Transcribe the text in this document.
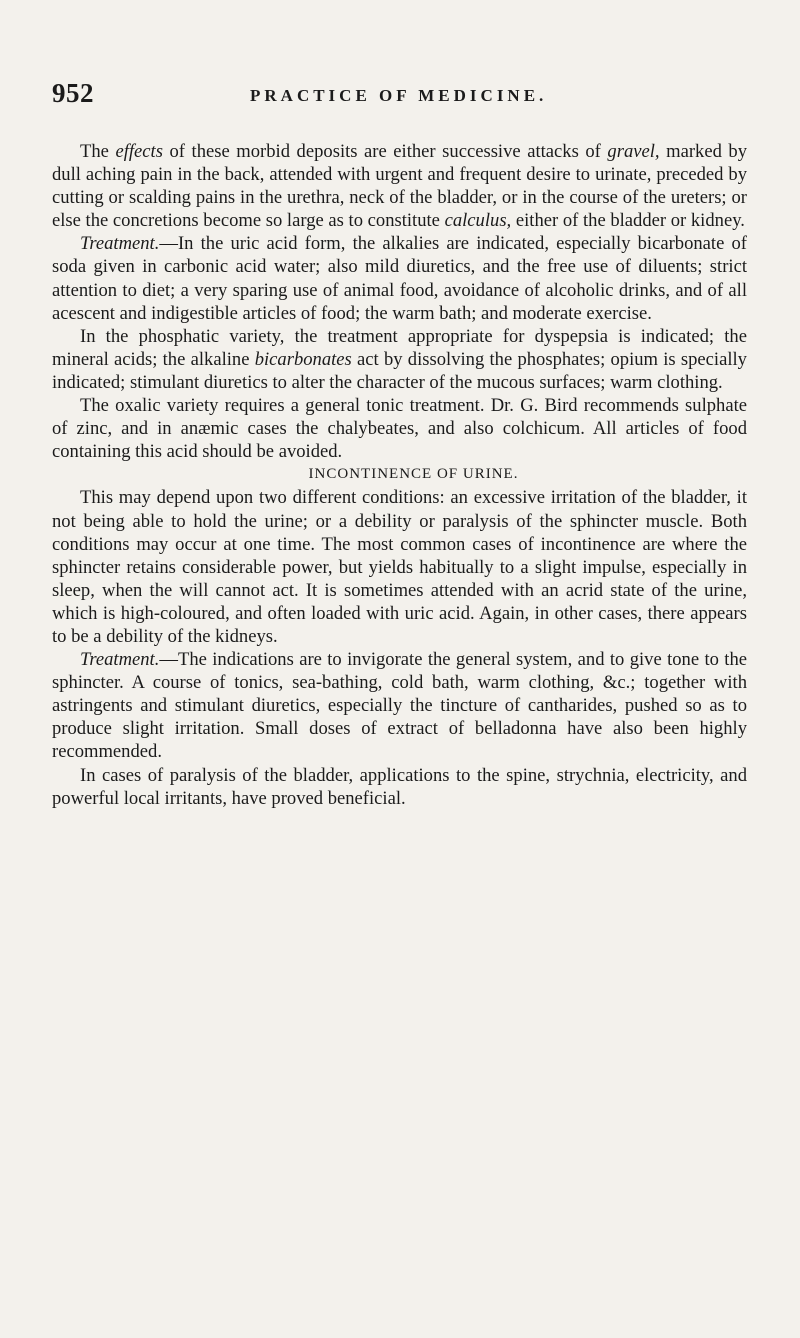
952	PRACTICE OF MEDICINE.

The effects of these morbid deposits are either successive attacks of gravel, marked by dull aching pain in the back, attended with urgent and frequent desire to urinate, preceded by cutting or scalding pains in the urethra, neck of the bladder, or in the course of the ureters; or else the concretions become so large as to constitute calculus, either of the bladder or kidney.

Treatment.—In the uric acid form, the alkalies are indicated, especially bicarbonate of soda given in carbonic acid water; also mild diuretics, and the free use of diluents; strict attention to diet; a very sparing use of animal food, avoidance of alcoholic drinks, and of all acescent and indigestible articles of food; the warm bath; and moderate exercise.

In the phosphatic variety, the treatment appropriate for dyspepsia is indicated; the mineral acids; the alkaline bicarbonates act by dissolving the phosphates; opium is specially indicated; stimulant diuretics to alter the character of the mucous surfaces; warm clothing.

The oxalic variety requires a general tonic treatment. Dr. G. Bird recommends sulphate of zinc, and in anæmic cases the chalybeates, and also colchicum. All articles of food containing this acid should be avoided.

INCONTINENCE OF URINE.

This may depend upon two different conditions: an excessive irritation of the bladder, it not being able to hold the urine; or a debility or paralysis of the sphincter muscle. Both conditions may occur at one time. The most common cases of incontinence are where the sphincter retains considerable power, but yields habitually to a slight impulse, especially in sleep, when the will cannot act. It is sometimes attended with an acrid state of the urine, which is high-coloured, and often loaded with uric acid. Again, in other cases, there appears to be a debility of the kidneys.

Treatment.—The indications are to invigorate the general system, and to give tone to the sphincter. A course of tonics, sea-bathing, cold bath, warm clothing, &c.; together with astringents and stimulant diuretics, especially the tincture of cantharides, pushed so as to produce slight irritation. Small doses of extract of belladonna have also been highly recommended.

In cases of paralysis of the bladder, applications to the spine, strychnia, electricity, and powerful local irritants, have proved beneficial.
